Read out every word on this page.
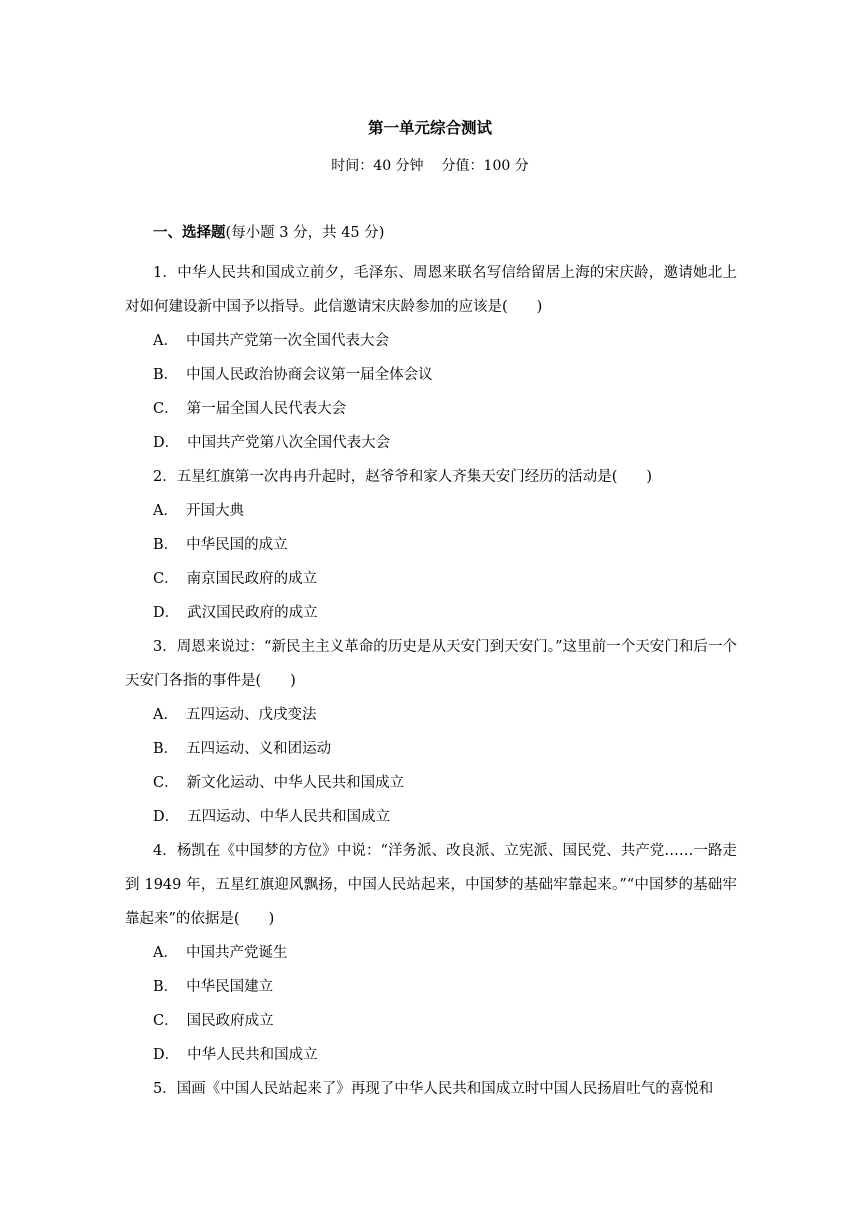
第一单元综合测试
时间：40 分钟 分值：100 分
一、选择题(每小题 3 分，共 45 分)

1．中华人民共和国成立前夕，毛泽东、周恩来联名写信给留居上海的宋庆龄，邀请她北上对如何建设新中国予以指导。此信邀请宋庆龄参加的应该是(　　)

A． 中国共产党第一次全国代表大会
B． 中国人民政治协商会议第一届全体会议
C． 第一届全国人民代表大会
D． 中国共产党第八次全国代表大会

2．五星红旗第一次冉冉升起时，赵爷爷和家人齐集天安门经历的活动是(　　)

A． 开国大典
B． 中华民国的成立
C． 南京国民政府的成立
D． 武汉国民政府的成立

3．周恩来说过：“新民主主义革命的历史是从天安门到天安门。”这里前一个天安门和后一个天安门各指的事件是(　　)

A． 五四运动、戊戌变法
B． 五四运动、义和团运动
C． 新文化运动、中华人民共和国成立
D． 五四运动、中华人民共和国成立

4．杨凯在《中国梦的方位》中说：“洋务派、改良派、立宪派、国民党、共产党……一路走到 1949 年，五星红旗迎风飘扬，中国人民站起来，中国梦的基础牢靠起来。”“中国梦的基础牢靠起来”的依据是(　　)

A． 中国共产党诞生
B． 中华民国建立
C． 国民政府成立
D． 中华人民共和国成立

5．国画《中国人民站起来了》再现了中华人民共和国成立时中国人民扬眉吐气的喜悦和
